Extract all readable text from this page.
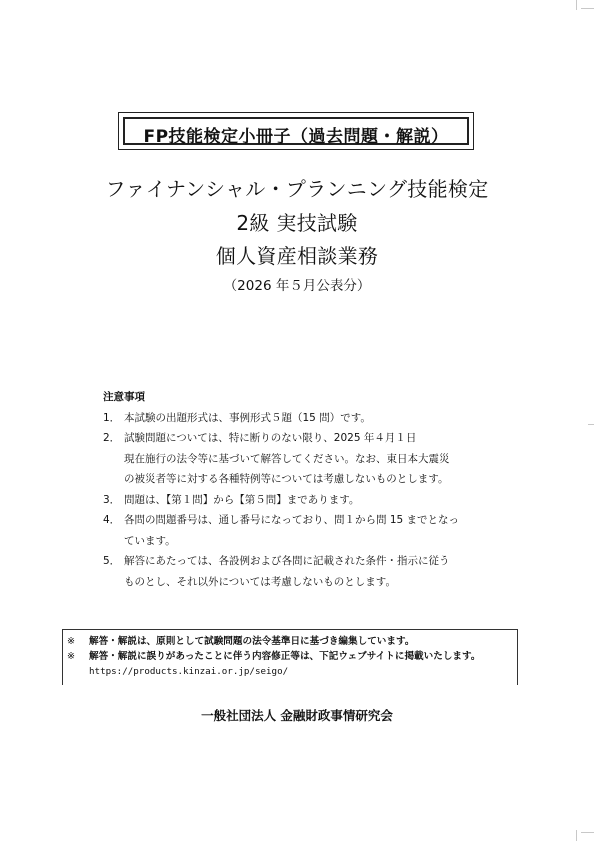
FP技能検定小冊子（過去問題・解説）
ファイナンシャル・プランニング技能検定
2級 実技試験
個人資産相談業務
（2026 年５月公表分）
注意事項
1． 本試験の出題形式は、事例形式５題（15 問）です。
2． 試験問題については、特に断りのない限り、2025 年４月１日
現在施行の法令等に基づいて解答してください。なお、東日本大震災
の被災者等に対する各種特例等については考慮しないものとします。
3． 問題は、【第１問】から【第５問】まであります。
4． 各問の問題番号は、通し番号になっており、問１から問 15 までとなっ
ています。
5． 解答にあたっては、各設例および各問に記載された条件・指示に従う
ものとし、それ以外については考慮しないものとします。
※	解答・解説は、原則として試験問題の法令基準日に基づき編集しています。
※	解答・解説に誤りがあったことに伴う内容修正等は、下記ウェブサイトに掲載いたします。
https://products.kinzai.or.jp/seigo/
一般社団法人 金融財政事情研究会
